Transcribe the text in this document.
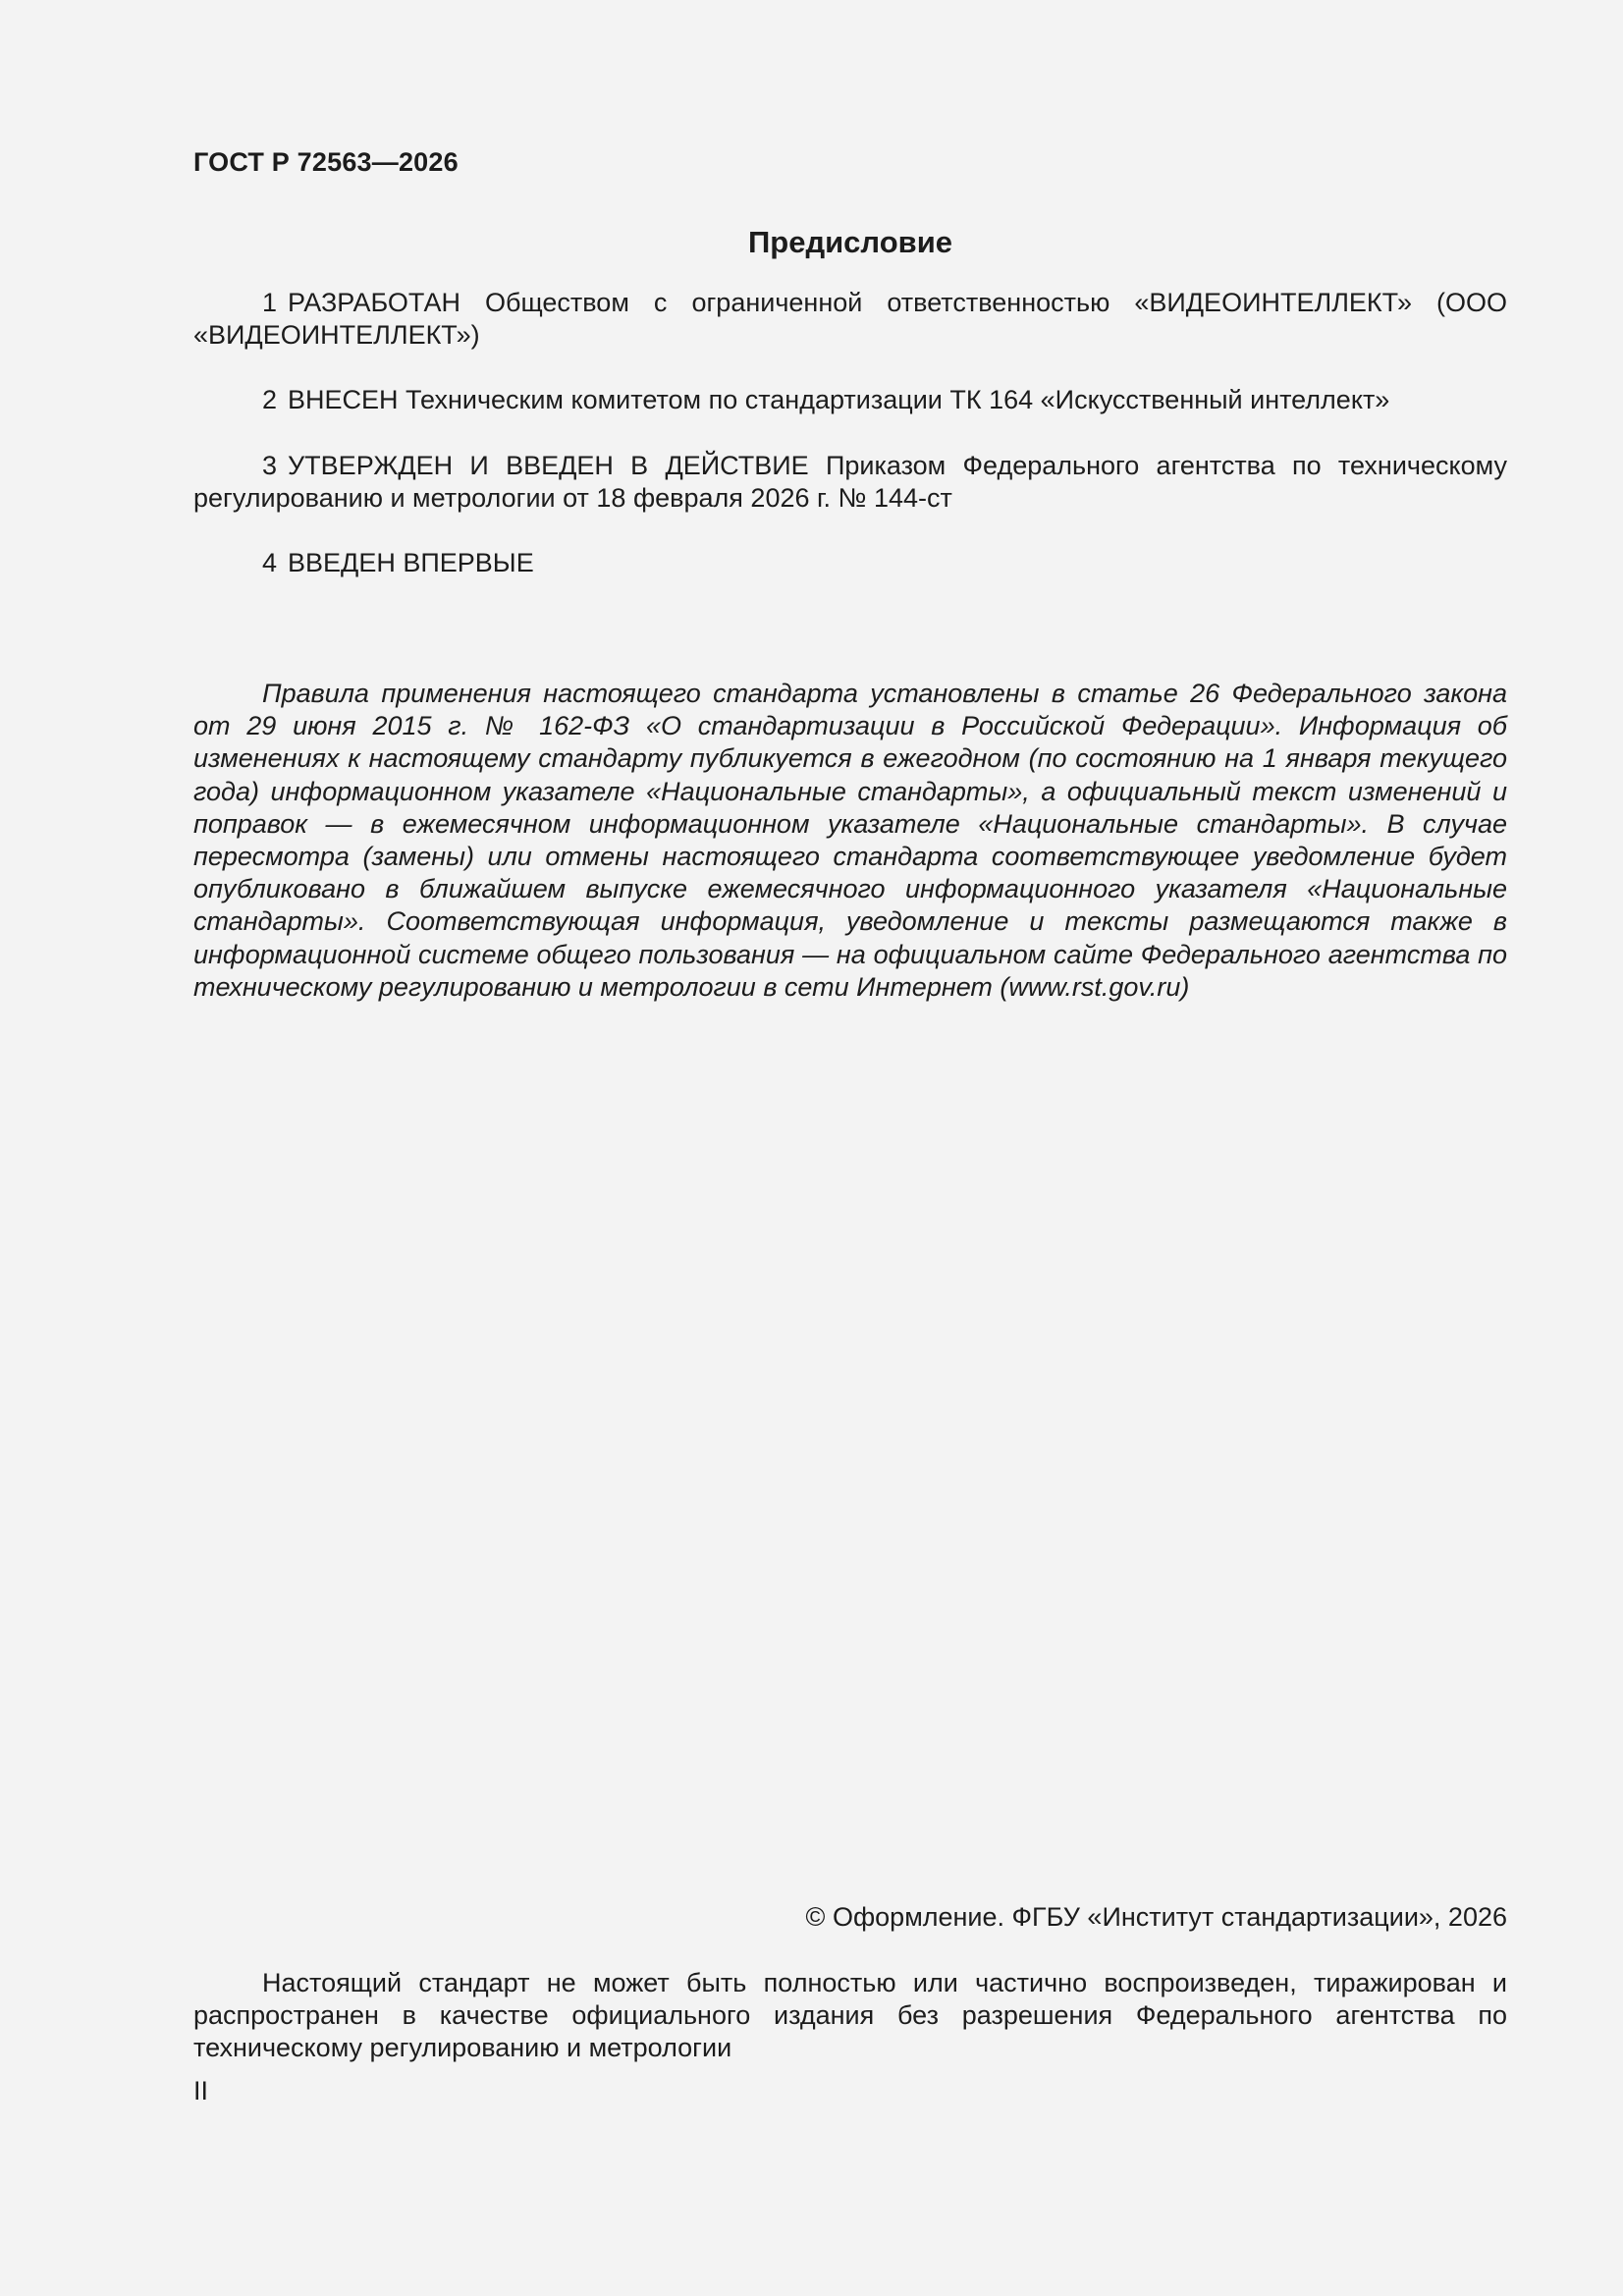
ГОСТ Р 72563—2026
Предисловие
1 РАЗРАБОТАН Обществом с ограниченной ответственностью «ВИДЕОИНТЕЛЛЕКТ» (ООО «ВИДЕОИНТЕЛЛЕКТ»)
2 ВНЕСЕН Техническим комитетом по стандартизации ТК 164 «Искусственный интеллект»
3 УТВЕРЖДЕН И ВВЕДЕН В ДЕЙСТВИЕ Приказом Федерального агентства по техническому регулированию и метрологии от 18 февраля 2026 г. № 144-ст
4 ВВЕДЕН ВПЕРВЫЕ
Правила применения настоящего стандарта установлены в статье 26 Федерального закона от 29 июня 2015 г. № 162-ФЗ «О стандартизации в Российской Федерации». Информация об изменениях к настоящему стандарту публикуется в ежегодном (по состоянию на 1 января текущего года) информационном указателе «Национальные стандарты», а официальный текст изменений и поправок — в ежемесячном информационном указателе «Национальные стандарты». В случае пересмотра (замены) или отмены настоящего стандарта соответствующее уведомление будет опубликовано в ближайшем выпуске ежемесячного информационного указателя «Национальные стандарты». Соответствующая информация, уведомление и тексты размещаются также в информационной системе общего пользования — на официальном сайте Федерального агентства по техническому регулированию и метрологии в сети Интернет (www.rst.gov.ru)
© Оформление. ФГБУ «Институт стандартизации», 2026
Настоящий стандарт не может быть полностью или частично воспроизведен, тиражирован и распространен в качестве официального издания без разрешения Федерального агентства по техническому регулированию и метрологии
II
